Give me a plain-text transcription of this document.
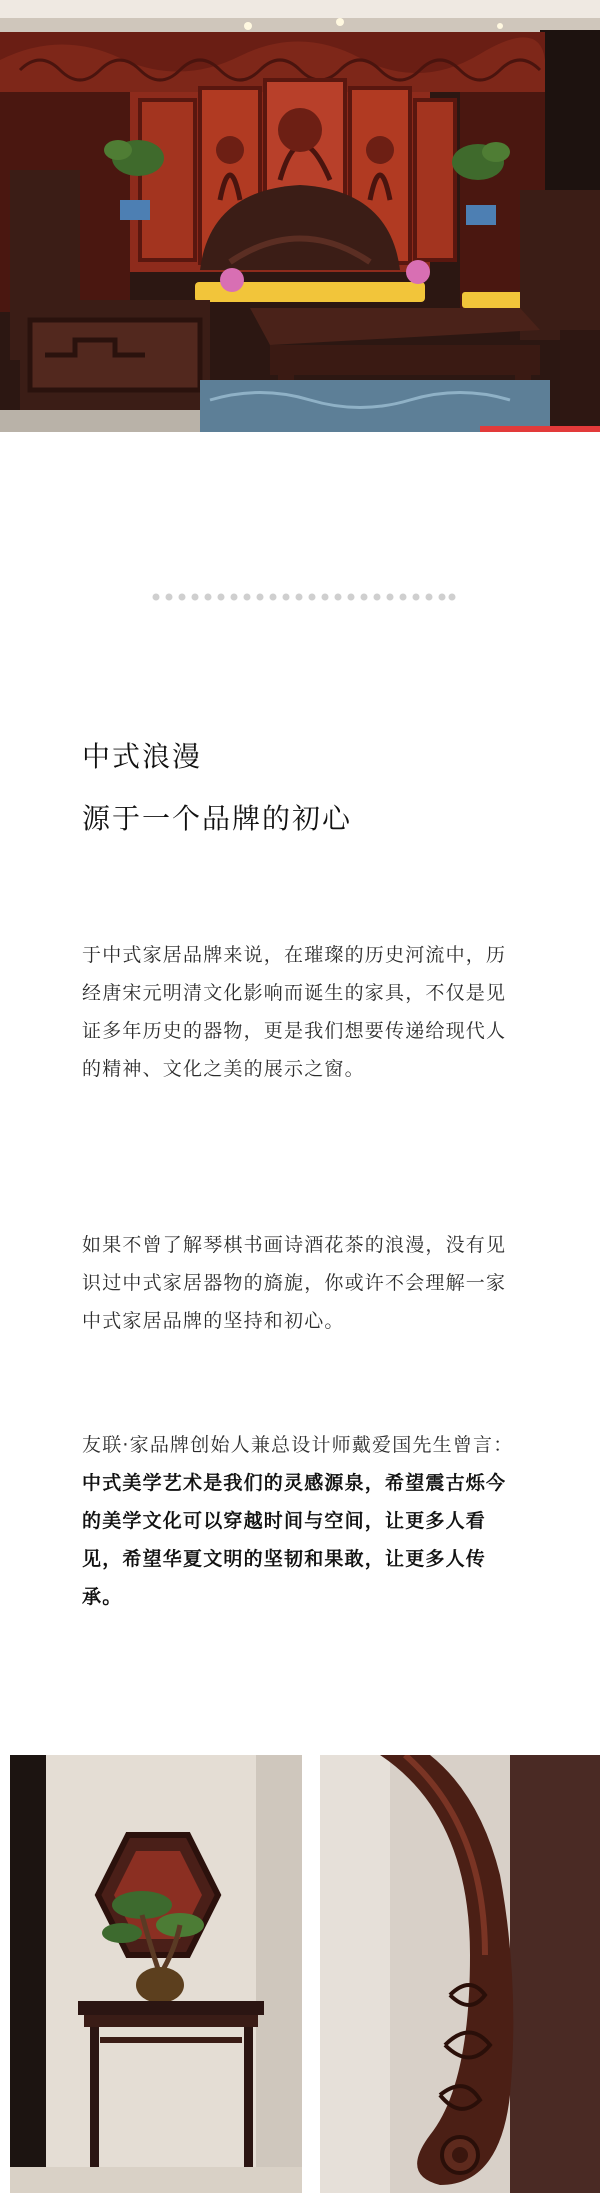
中式浪漫
源于一个品牌的初心
于中式家居品牌来说，在璀璨的历史河流中，历经唐宋元明清文化影响而诞生的家具，不仅是见证多年历史的器物，更是我们想要传递给现代人的精神、文化之美的展示之窗。
如果不曾了解琴棋书画诗酒花茶的浪漫，没有见识过中式家居器物的旖旎，你或许不会理解一家中式家居品牌的坚持和初心。
友联·家品牌创始人兼总设计师戴爱国先生曾言：中式美学艺术是我们的灵感源泉，希望震古烁今的美学文化可以穿越时间与空间，让更多人看见，希望华夏文明的坚韧和果敢，让更多人传承。
